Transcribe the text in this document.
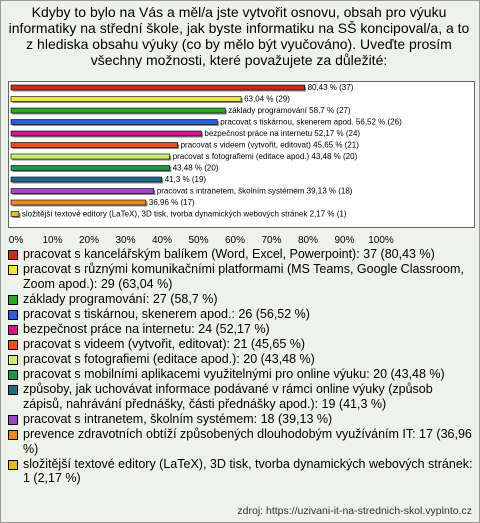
Kdyby to bylo na Vás a měl/a jste vytvořit osnovu, obsah pro výuku informatiky na střední škole, jak byste informatiku na SŠ koncipoval/a, a to z hlediska obsahu výuky (co by mělo být vyučováno). Uveďte prosím všechny možnosti, které považujete za důležité:
80,43 % (37)
63,04 % (29)
základy programování 58,7 % (27)
pracovat s tiskárnou, skenerem apod. 56,52 % (26)
bezpečnost práce na internetu 52,17 % (24)
pracovat s videem (vytvořit, editovat) 45,65 % (21)
pracovat s fotografiemi (editace apod.) 43,48 % (20)
43,48 % (20)
41,3 % (19)
pracovat s intranetem, školním systémem 39,13 % (18)
36,96 % (17)
složitější textové editory (LaTeX), 3D tisk, tvorba dynamických webových stránek 2,17 % (1)
0% 10% 20% 30% 40% 50% 60% 70% 80% 90% 100%
pracovat s kancelářským balíkem (Word, Excel, Powerpoint): 37 (80,43 %)
pracovat s různými komunikačními platformami (MS Teams, Google Classroom, Zoom apod.): 29 (63,04 %)
základy programování: 27 (58,7 %)
pracovat s tiskárnou, skenerem apod.: 26 (56,52 %)
bezpečnost práce na internetu: 24 (52,17 %)
pracovat s videem (vytvořit, editovat): 21 (45,65 %)
pracovat s fotografiemi (editace apod.): 20 (43,48 %)
pracovat s mobilními aplikacemi využitelnými pro online výuku: 20 (43,48 %)
způsoby, jak uchovávat informace podávané v rámci online výuky (způsob zápisů, nahrávání přednášky, části přednášky apod.): 19 (41,3 %)
pracovat s intranetem, školním systémem: 18 (39,13 %)
prevence zdravotních obtíží způsobených dlouhodobým využíváním IT: 17 (36,96 %)
složitější textové editory (LaTeX), 3D tisk, tvorba dynamických webových stránek: 1 (2,17 %)
zdroj: https://uzivani-it-na-strednich-skol.vyplnto.cz
